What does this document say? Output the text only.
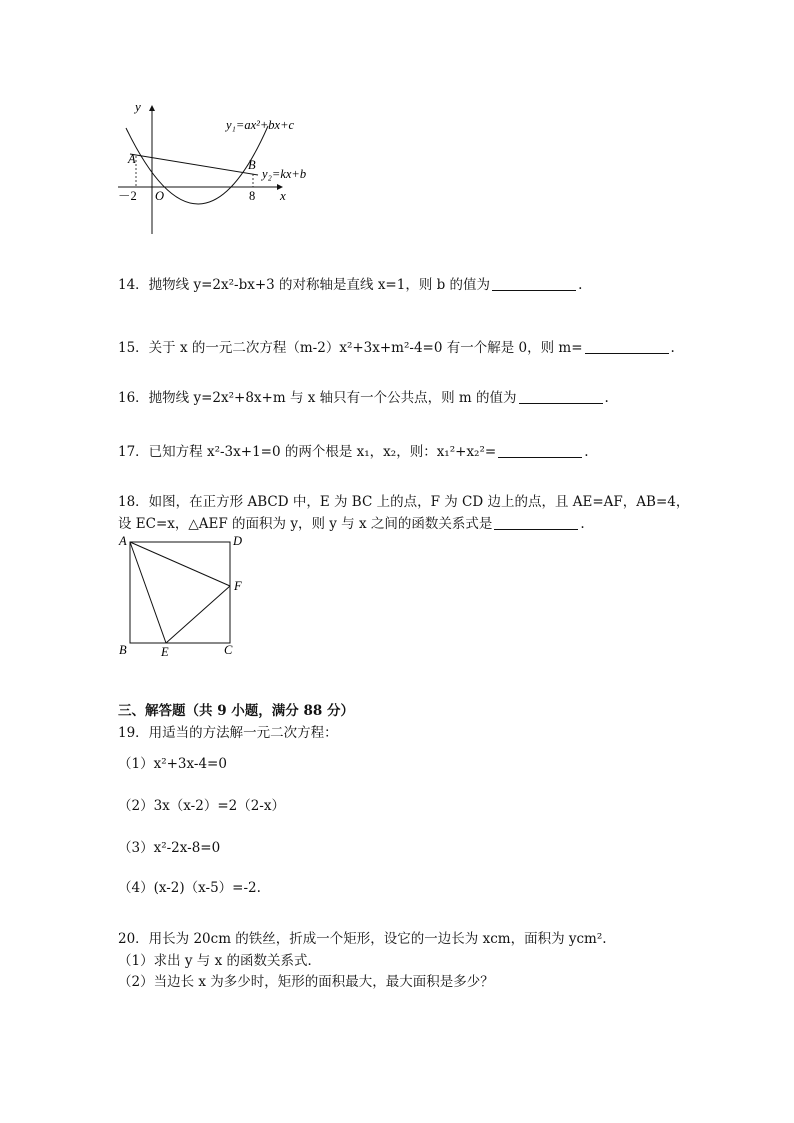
y
x
y₁=ax²+bx+c
y₂=kx+b
A	B
O
－2	8
14．抛物线 y=2x²-bx+3 的对称轴是直线 x=1，则 b 的值为	.
15．关于 x 的一元二次方程（m-2）x²+3x+m²-4=0 有一个解是 0，则 m=	.
16．抛物线 y=2x²+8x+m 与 x 轴只有一个公共点，则 m 的值为	.
17．已知方程 x²-3x+1=0 的两个根是 x₁，x₂，则：x₁²+x₂²=	.
18．如图，在正方形 ABCD 中，E 为 BC 上的点，F 为 CD 边上的点，且 AE=AF，AB=4，
设 EC=x，△AEF 的面积为 y，则 y 与 x 之间的函数关系式是	.
A	D
F
B	E	C
三、解答题（共 9 小题，满分 88 分）
19．用适当的方法解一元二次方程：
（1）x²+3x-4=0
（2）3x（x-2）=2（2-x）
（3）x²-2x-8=0
（4）(x-2)（x-5）=-2.
20．用长为 20cm 的铁丝，折成一个矩形，设它的一边长为 xcm，面积为 ycm².
（1）求出 y 与 x 的函数关系式．
（2）当边长 x 为多少时，矩形的面积最大，最大面积是多少？
